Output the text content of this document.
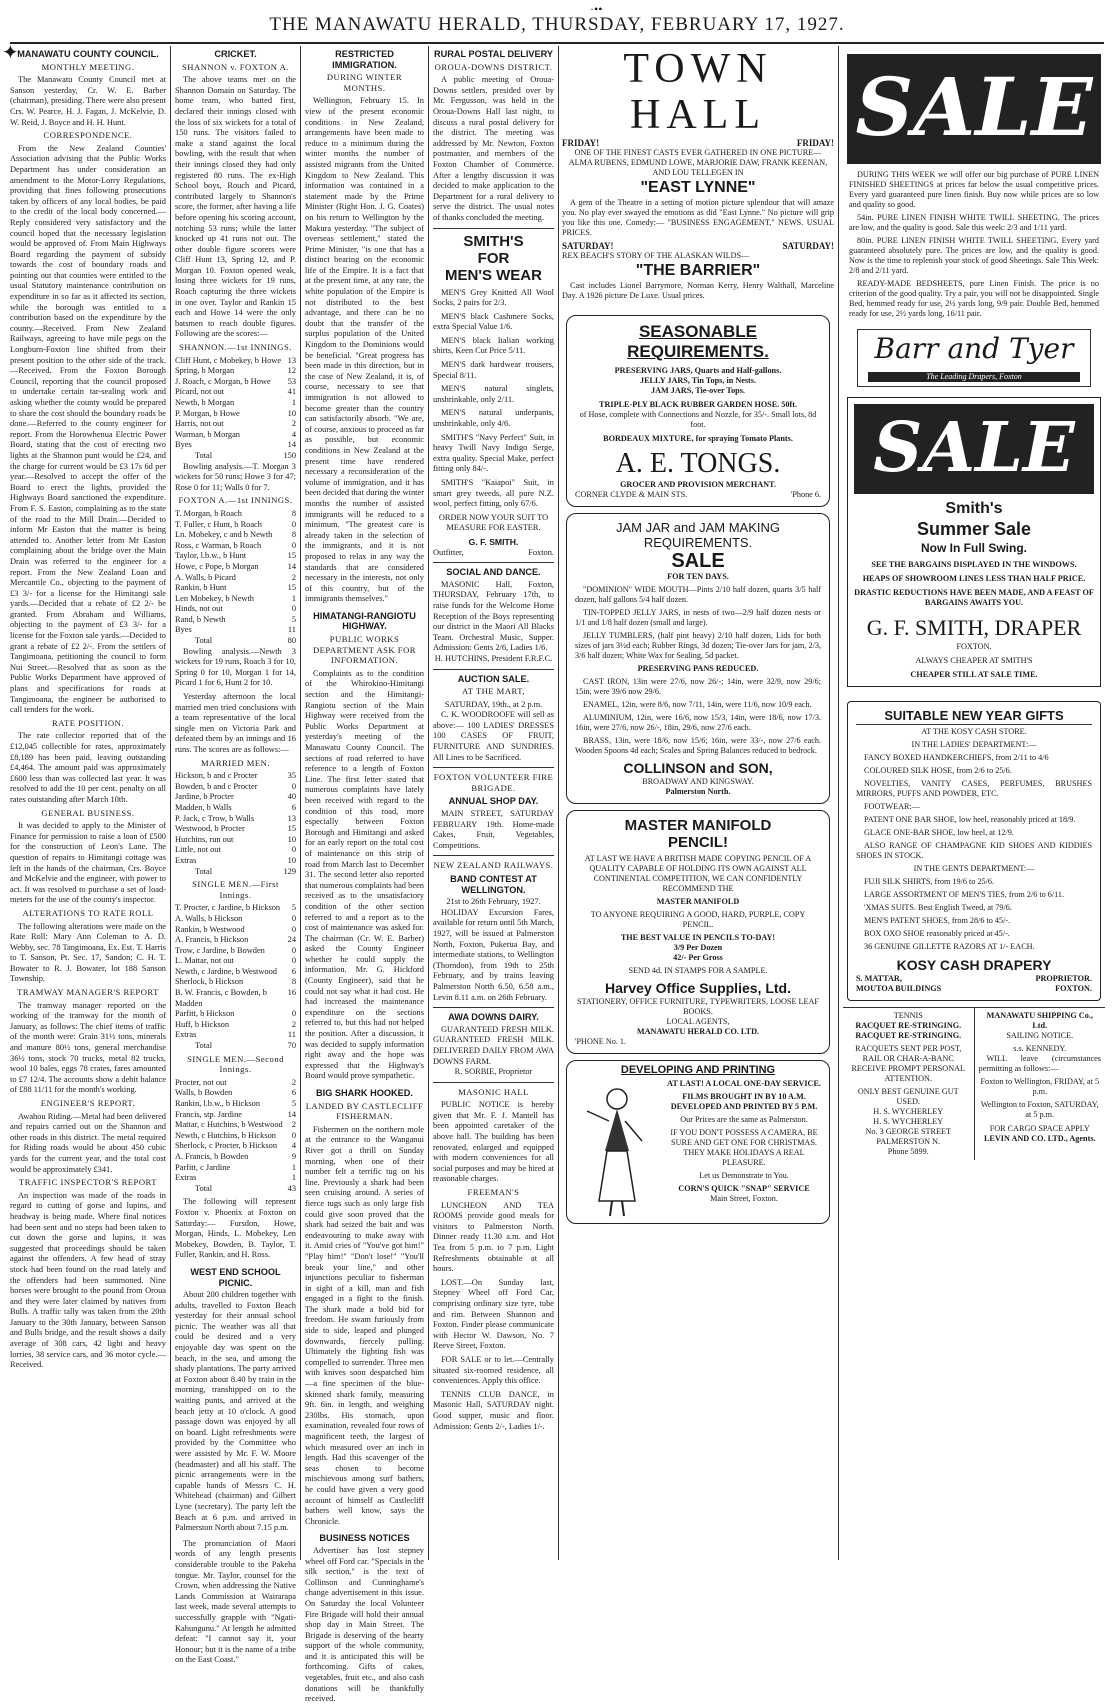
THE MANAWATU HERALD, THURSDAY, FEBRUARY 17, 1927.
·••
✦
MANAWATU COUNTY COUNCIL.
MONTHLY MEETING.

The Manawatu County Council met at Sanson yesterday, Cr. W. E. Barber (chairman), presiding. There were also present Crs. W. Pearce, H. J. Fagan, J. McKelvie, D. W. Reid, J. Boyce and H. H. Hunt.

CORRESPONDENCE.

From the New Zealand Counties' Association advising that the Public Works Department has under consideration an amendment to the Motor-Lorry Regulations, providing that fines following prosecutions taken by officers of any local bodies, be paid to the credit of the local body concerned.—Reply considered very satisfactory and the council hoped that the necessary legislation would be approved of. From Main Highways Board regarding the payment of subsidy towards the cost of boundary roads and pointing out that counties were entitled to the usual Statutory maintenance contribution on expenditure in so far as it affected its section, while the borough was entitled to a contribution based on the expenditure by the county.—Received. From New Zealand Railways, agreeing to have mile pegs on the Longburn-Foxton line shifted from their present position to the other side of the track.—Received. From the Foxton Borough Council, reporting that the council proposed to undertake certain tar-sealing work and asking whether the county would be prepared to share the cost should the boundary roads be done.—Referred to the county engineer for report. From the Horowhenua Electric Power Board, stating that the cost of erecting two lights at the Shannon punt would be £24, and the charge for current would be £3 17s 6d per year.—Resolved to accept the offer of the Board to erect the lights, provided the Highways Board sanctioned the expenditure. From F. S. Easton, complaining as to the state of the road to the Mill Drain.—Decided to inform Mr Easton that the matter is being attended to. Another letter from Mr Easton complaining about the bridge over the Main Drain was referred to the engineer for a report. From the New Zealand Loan and Mercantile Co., objecting to the payment of £3 3/- for a license for the Himitangi sale yards.—Decided that a rebate of £2 2/- be granted. From Abraham and Williams, objecting to the payment of £3 3/- for a license for the Foxton sale yards.—Decided to grant a rebate of £2 2/-. From the settlers of Tangimoana, petitioning the council to form Nui Street.—Resolved that as soon as the Public Works Department have approved of plans and specifications for roads at Tangimoana, the engineer be authorised to call tenders for the work.

RATE POSITION.

The rate collector reported that of the £12,045 collectible for rates, approximately £8,189 has been paid, leaving outstanding £4,464. The amount paid was approximately £600 less than was collected last year. It was resolved to add the 10 per cent. penalty on all rates outstanding after March 10th.

GENERAL BUSINESS.

It was decided to apply to the Minister of Finance for permission to raise a loan of £500 for the construction of Leon's Lane. The question of repairs to Himitangi cottage was left in the hands of the chairman, Crs. Boyce and McKelvie and the engineer, with power to act. It was resolved to purchase a set of load-meters for the use of the county's inspector.

ALTERATIONS TO RATE ROLL

The following alterations were made on the Rate Roll: Mary Ann Coleman to A. D. Webby, sec. 78 Tangimoana, Ex. Est. T. Harris to T. Sanson, Pt. Sec. 17, Sandon; C. H. T. Bowater to R. J. Bowater, lot 188 Sanson Township.

TRAMWAY MANAGER'S REPORT

The tramway manager reported on the working of the tramway for the month of January, as follows: The chief items of traffic of the month were: Grain 31½ tons, minerals and manure 80½ tons, general merchandise 36½ tons, stock 70 trucks, metal 82 trucks, wool 10 bales, eggs 78 crates, fares amounted to £7 12/4. The accounts show a debit balance of £88 11/11 for the month's working.

ENGINEER'S REPORT.

Awahou Riding.—Metal had been delivered and repairs carried out on the Shannon and other roads in this district. The metal required for Riding roads would be about 450 cubic yards for the current year, and the total cost would be approximately £341.

TRAFFIC INSPECTOR'S REPORT

An inspection was made of the roads in regard to cutting of gorse and lupins, and headway is being made. Where final notices had been sent and no steps had been taken to cut down the gorse and lupins, it was suggested that proceedings should be taken against the offenders. A few head of stray stock had been found on the road lately and the offenders had been summoned. Nine horses were brought to the pound from Oroua and they were later claimed by natives from Bulls. A traffic tally was taken from the 20th January to the 30th January, between Sanson and Bulls bridge, and the result shows a daily average of 308 cars, 42 light and heavy lorries, 38 service cars, and 36 motor cycle.—Received.

CRICKET.
SHANNON v. FOXTON A.

The above teams met on the Shannon Domain on Saturday. The home team, who batted first, declared their innings closed with the loss of six wickets for a total of 150 runs. The visitors failed to make a stand against the local bowling, with the result that when their innings closed they had only registered 80 runs. The ex-High School boys, Rouch and Picard, contributed largely to Shannon's score, the former, after having a life before opening his scoring account, notching 53 runs; while the latter knocked up 41 runs not out. The other double figure scorers were Cliff Hunt 13, Spring 12, and P. Morgan 10. Foxton opened weak, losing three wickets for 19 runs, Roach capturing the three wickets in one over. Taylor and Rankin 15 each and Howe 14 were the only batsmen to reach double figures. Following are the scores:—

SHANNON.—1st INNINGS.
Cliff Hunt, c Mobekey, b Howe 13
Spring, b Morgan	12
J. Roach, c Morgan, b Howe 53
Picard, not out	41
Newth, b Morgan	1
P. Morgan, b Howe	10
Harris, not out	2
Warman, b Morgan	4
Byes	14
Total	150

Bowling analysis.—T. Morgan 3 wickets for 50 runs; Howe 3 for 47; Rose 0 for 11; Walls 0 for 7.

FOXTON A.—1st INNINGS.
T. Morgan, b Roach	8
T. Fuller, c Hunt, b Roach	0
Ln. Mobekey, c and b Newth 8
Ross, c Warman, b Roach	0
Taylor, l.b.w., b Hunt	15
Howe, c Pope, b Morgan	14
A. Walls, b Picard	2
Rankin, b Hunt	15
Len Mobekey, b Newth	1
Hinds, not out	0
Rand, b Newth	5
Byes	11
Total	80

Bowling analysis.—Newth 3 wickets for 19 runs, Roach 3 for 10, Spring 0 for 10, Morgan 1 for 14, Picard 1 for 6, Hunt 2 for 10.

Yesterday afternoon the local married men tried conclusions with a team representative of the local single men on Victoria Park and defeated them by an innings and 16 runs. The scores are as follows:—

MARRIED MEN.
Hickson, b and c Procter	35
Bowden, b and c Procter	0
Jardine, b Procter	40
Madden, b Walls	6
P. Jack, c Trow, b Walls	13
Westwood, b Procter	15
Hutchins, run out	10
Little, not out	0
Extras	10
Total	129
SINGLE MEN.—First Innings.
T. Procter, c Jardine, b Hickson 5
A. Walls, b Hickson	0
Rankin, b Westwood	0
A. Francis, b Hickson	24
Trow, c Jardine, b Bowden	0
L. Mattar, not out	0
Newth, c Jardine, b Westwood 6
Sherlock, b Hickson	8
B. W. Francis, c Bowden, b Madden
16
Parfitt, b Hickson	0
Huff, b Hickson	2
Extras	11
Total	70
SINGLE MEN.—Second Innings.
Procter, not out	2
Walls, b Bowden	6
Rankin, l.b.w., b Hickson	5
Francis, stp. Jardine	14
Mattar, c Hutchins, b Westwood 2
Newth, c Hutchins, b Hickson 0
Sherlock, c Procter, b Hickson 4
A. Francis, b Bowden	9
Parfitt, c Jardine	1
Extras	1
Total	43

The following will represent Foxton v. Phoenix at Foxton on Saturday:— Fursdon, Howe, Morgan, Hinds, L. Mobekey, Len Mobekey, Bowden, B. Taylor, T. Fuller, Rankin, and H. Ross.

WEST END SCHOOL PICNIC.

About 200 children together with adults, travelled to Foxton Beach yesterday for their annual school picnic. The weather was all that could be desired and a very enjoyable day was spent on the beach, in the sea, and among the shady plantations. The party arrived at Foxton about 8.40 by train in the morning, transhipped on to the waiting punts, and arrived at the beach jetty at 10 o'clock. A good passage down was enjoyed by all on board. Light refreshments were provided by the Committee who were assisted by Mr. F. W. Moore (headmaster) and all his staff. The picnic arrangements were in the capable hands of Messrs C. H. Whitehead (chairman) and Gilbert Lyne (secretary). The party left the Beach at 6 p.m. and arrived in Palmerston North about 7.15 p.m.

The pronunciation of Maori words of any length presents considerable trouble to the Pakeha tongue. Mr. Taylor, counsel for the Crown, when addressing the Native Lands Commission at Wairarapa last week, made several attempts to successfully grapple with "Ngati-Kahungunu." At length he admitted defeat: "I cannot say it, your Honour; but it is the name of a tribe on the East Coast."

RESTRICTED IMMIGRATION.
DURING WINTER MONTHS.

Wellington, February 15. In view of the present economic conditions in New Zealand, arrangements have been made to reduce to a minimum during the winter months the number of assisted migrants from the United Kingdom to New Zealand. This information was contained in a statement made by the Prime Minister (Right Hon. J. G. Coates) on his return to Wellington by the Makura yesterday. "The subject of overseas settlement," stated the Prime Minister, "is one that has a distinct bearing on the economic life of the Empire. It is a fact that at the present time, at any rate, the white population of the Empire is not distributed to the best advantage, and there can be no doubt that the transfer of the surplus population of the United Kingdom to the Dominions would be beneficial. "Great progress has been made in this direction, but in the case of New Zealand, it is, of course, necessary to see that immigration is not allowed to become greater than the country can satisfactorily absorb. "We are, of course, anxious to proceed as far as possible, but economic conditions in New Zealand at the present time have rendered necessary a reconsideration of the volume of immigration, and it has been decided that during the winter months the number of assisted immigrants will be reduced to a minimum. "The greatest care is already taken in the selection of the immigrants, and it is not proposed to relax in any way the standards that are considered necessary in the interests, not only of this country, but of the immigrants themselves."

HIMATANGI-RANGIOTU HIGHWAY.
PUBLIC WORKS DEPARTMENT ASK FOR INFORMATION.

Complaints as to the condition of the Whirokino-Himitangi section and the Himitangi-Rangiotu section of the Main Highway were received from the Public Works Department at yesterday's meeting of the Manawatu County Council. The sections of road referred to have reference to a length of Foxton Line. The first letter stated that numerous complaints have lately been received with regard to the condition of this road, more especially between Foxton Borough and Himitangi and asked for an early report on the total cost of maintenance on this strip of road from March last to December 31. The second letter also reported that numerous complaints had been received as to the unsatisfactory condition of the other section referred to and a report as to the cost of maintenance was asked for. The chairman (Cr. W. E. Barber) asked the County Engineer whether he could supply the information. Mr. G. Hickford (County Engineer), said that he could not say what it had cost. He had increased the maintenance expenditure on the sections referred to, but this had not helped the position. After a discussion, it was decided to supply information right away and the hope was expressed that the Highway's Board would prove sympathetic.

BIG SHARK HOOKED.
LANDED BY CASTLECLIFF FISHERMAN.

Fishermen on the northern mole at the entrance to the Wanganui River got a thrill on Sunday morning, when one of their number felt a terrific tug on his line. Previously a shark had been seen cruising around. A series of fierce tugs such as only large fish could give soon proved that the shark had seized the bait and was endeavouring to make away with it. Amid cries of "You've got him!" "Play him!" "Don't lose!" "You'll break your line," and other injunctions peculiar to fisherman in sight of a kill, man and fish engaged in a fight to the finish. The shark made a bold bid for freedom. He swam furiously from side to side, leaped and plunged downwards, fiercely pulling. Ultimately the fighting fish was compelled to surrender. Three men with knives soon despatched him—a fine specimen of the blue-skinned shark family, measuring 9ft. 6in. in length, and weighing 230lbs. His stomach, upon examination, revealed four rows of magnificent teeth, the largest of which measured over an inch in length. Had this scavenger of the seas chosen to become mischievous among surf bathers, he could have given a very good account of himself as Castlecliff bathers well know, says the Chronicle.

BUSINESS NOTICES

Advertiser has lost stepney wheel off Ford car. "Specials in the silk section," is the text of Collinson and Cunninghame's change advertisement in this issue. On Saturday the local Volunteer Fire Brigade will hold their annual shop day in Main Street. The Brigade is deserving of the hearty support of the whole community, and it is anticipated this will be forthcoming. Gifts of cakes, vegetables, fruit etc., and also cash donations will be thankfully received.

RURAL POSTAL DELIVERY
OROUA-DOWNS DISTRICT.

A public meeting of Oroua-Downs settlers, presided over by Mr. Fergusson, was held in the Oroua-Downs Hall last night, to discuss a rural postal delivery for the district. The meeting was addressed by Mr. Newton, Foxton postmaster, and members of the Foxton Chamber of Commerce. After a lengthy discussion it was decided to make application to the Department for a rural delivery to serve the district. The usual notes of thanks concluded the meeting.

SMITH'S
FOR
MEN'S WEAR

MEN'S Grey Knitted All Wool Socks, 2 pairs for 2/3.

MEN'S black Cashmere Socks, extra Special Value 1/6.

MEN'S black Italian working shirts, Keen Cut Price 5/11.

MEN'S dark hardwear trousers, Special 8/11.

MEN'S natural singlets, unshrinkable, only 2/11.

MEN'S natural underpants, unshrinkable, only 4/6.

SMITH'S "Navy Perfect" Suit, in heavy Twill Navy Indigo Serge, extra quality. Special Make, perfect fitting only 84/-.

SMITH'S "Kaiapoi" Suit, in smart grey tweeds, all pure N.Z. wool, perfect fitting, only 67/6.

ORDER NOW YOUR SUIT TO MEASURE FOR EASTER.
G. F. SMITH.
Outfitter,	Foxton.
SOCIAL AND DANCE.

MASONIC Hall, Foxton, THURSDAY, February 17th, to raise funds for the Welcome Home Reception of the Boys representing our district in the Maori All Blacks Team. Orchestral Music, Supper. Admission: Gents 2/6, Ladies 1/6.

H. HUTCHINS, President F.R.F.C.
AUCTION SALE.
AT THE MART,
SATURDAY, 19th., at 2 p.m.

C. K. WOODROOFE will sell as above:— 100 LADIES' DRESSES 100 CASES OF FRUIT, FURNITURE AND SUNDRIES. All Lines to be Sacrificed.

FOXTON VOLUNTEER FIRE BRIGADE.
ANNUAL SHOP DAY.

MAIN STREET, SATURDAY FEBRUARY 19th. Home-made Cakes, Fruit, Vegetables, Competitions.

NEW ZEALAND RAILWAYS.
BAND CONTEST AT WELLINGTON.
21st to 26th February, 1927.

HOLIDAY Excursion Fares, available for return until 5th March, 1927, will be issued at Palmerston North, Foxton, Pukerua Bay, and intermediate stations, to Wellington (Thorndon), from 19th to 25th February, and by trains leaving Palmerston North 6.50, 6.58 a.m., Levin 8.11 a.m. on 26th February.

AWA DOWNS DAIRY.

GUARANTEED FRESH MILK. GUARANTEED FRESH MILK. DELIVERED DAILY FROM AWA DOWNS FARM.

R. SORBIE, Proprietor
MASONIC HALL

PUBLIC NOTICE is hereby given that Mr. F. J. Mantell has been appointed caretaker of the above hall. The building has been renovated, enlarged and equipped with modern conveniences for all social purposes and may be hired at reasonable charges.

FREEMAN'S

LUNCHEON AND TEA ROOMS provide good meals for visitors to Palmerston North. Dinner ready 11.30 a.m. and Hot Tea from 5 p.m. to 7 p.m. Light Refreshments obtainable at all hours.

LOST.—On Sunday last, Stepney Wheel off Ford Car, comprising ordinary size tyre, tube and rim. Between Shannon and Foxton. Finder please communicate with Hector W. Dawson, No. 7 Reeve Street, Foxton.

FOR SALE or to let.—Centrally situated six-roomed residence, all conveniences. Apply this office.

TENNIS CLUB DANCE, in Masonic Hall, SATURDAY night. Good supper, music and floor. Admission: Gents 2/-, Ladies 1/-.

TOWN HALL
FRIDAY!	FRIDAY!
ONE OF THE FINEST CASTS EVER GATHERED IN ONE PICTURE—
ALMA RUBENS, EDMUND LOWE, MARJORIE DAW, FRANK KEENAN, AND LOU TELLEGEN IN
"EAST LYNNE"

A gem of the Theatre in a setting of motion picture splendour that will amaze you. No play ever swayed the emotions as did "East Lynne." No picture will grip you like this one. Comedy:— "BUSINESS ENGAGEMENT," NEWS. USUAL PRICES.

SATURDAY!	SATURDAY!
REX BEACH'S STORY OF THE ALASKAN WILDS—
"THE BARRIER"

Cast includes Lionel Barrymore, Norman Kerry, Henry Walthall, Marceline Day. A 1926 picture De Luxe. Usual prices.

SEASONABLE
REQUIREMENTS.
PRESERVING JARS, Quarts and Half-gallons.
JELLY JARS, Tin Tops, in Nests.
JAM JARS, Tie-over Tops.
TRIPLE-PLY BLACK RUBBER GARDEN HOSE. 50ft.
of Hose, complete with Connections and Nozzle, for 35/-. Small lots, 8d foot.
BORDEAUX MIXTURE, for spraying Tomato Plants.
A. E. TONGS.
GROCER AND PROVISION MERCHANT.
CORNER CLYDE & MAIN STS.	'Phone 6.
JAM JAR and JAM MAKING
REQUIREMENTS.
SALE
FOR TEN DAYS.

"DOMINION" WIDE MOUTH—Pints 2/10 half dozen, quarts 3/5 half dozen, half gallons 5/4 half dozen.

TIN-TOPPED JELLY JARS, in nests of two—2/9 half dozen nests or 1/1 and 1/8 half dozen (small and large).

JELLY TUMBLERS, (half pint heavy) 2/10 half dozen, Lids for both sizes of jars 3½d each; Rubber Rings, 3d dozen; Tie-over Jars for jam, 2/3, 3/6 half dozen; White Wax for Sealing, 5d packet.

PRESERVING PANS REDUCED.

CAST IRON, 13in were 27/6, now 26/-; 14in, were 32/9, now 29/6; 15in, were 39/6 now 29/6.

ENAMEL, 12in, were 8/6, now 7/11, 14in, were 11/6, now 10/9 each.

ALUMINIUM, 12in, were 16/6, now 15/3, 14in, were 18/6, now 17/3. 16in, were 27/6, now 26/-, 18in, 29/6, now 27/6 each.

BRASS, 13in, were 18/6, now 15/6; 16in, were 33/-, now 27/6 each. Wooden Spoons 4d each; Scales and Spring Balances reduced to bedrock.

COLLINSON and SON,
BROADWAY AND KINGSWAY.
Palmerston North.
MASTER MANIFOLD
PENCIL!
AT LAST WE HAVE A BRITISH MADE COPYING PENCIL OF A QUALITY CAPABLE OF HOLDING ITS OWN AGAINST ALL CONTINENTAL COMPETITION, WE CAN CONFIDENTLY RECOMMEND THE
MASTER MANIFOLD
TO ANYONE REQUIRING A GOOD, HARD, PURPLE, COPY PENCIL.
THE BEST VALUE IN PENCILS TO-DAY!
3/9 Per Dozen
42/- Per Gross
SEND 4d. IN STAMPS FOR A SAMPLE.
Harvey Office Supplies, Ltd.
STATIONERY, OFFICE FURNITURE, TYPEWRITERS, LOOSE LEAF BOOKS.
LOCAL AGENTS,
MANAWATU HERALD CO. LTD.
'PHONE No. 1.
DEVELOPING AND PRINTING
AT LAST! A LOCAL ONE-DAY SERVICE.
FILMS BROUGHT IN BY 10 A.M. DEVELOPED AND PRINTED BY 5 P.M.
Our Prices are the same as Palmerston.
IF YOU DON'T POSSESS A CAMERA, BE SURE AND GET ONE FOR CHRISTMAS. THEY MAKE HOLIDAYS A REAL PLEASURE.
Let us Demonstrate to You.
CORN'S QUICK "SNAP" SERVICE
Main Street, Foxton.
SALE

DURING THIS WEEK we will offer our big purchase of PURE LINEN FINISHED SHEETINGS at prices far below the usual competitive prices. Every yard guaranteed pure linen finish. Buy now while prices are so low and quality so good.

54in. PURE LINEN FINISH WHITE TWILL SHEETING. The prices are low, and the quality is good. Sale this week: 2/3 and 1/11 yard.

80in. PURE LINEN FINISH WHITE TWILL SHEETING. Every yard guaranteed absolutely pure. The prices are low, and the quality is good. Now is the time to replenish your stock of good Sheetings. Sale This Week: 2/8 and 2/11 yard.

READY-MADE BEDSHEETS, pure Linen Finish. The price is no criterion of the good quality. Try a pair, you will not be disappointed. Single Bed, hemmed ready for use, 2½ yards long, 9/9 pair. Double Bed, hemmed ready for use, 2½ yards long, 16/11 pair.

Barr and Tyer
The Leading Drapers, Foxton
SALE
Smith's
Summer Sale
Now In Full Swing.
SEE THE BARGAINS DISPLAYED IN THE WINDOWS.
HEAPS OF SHOWROOM LINES LESS THAN HALF PRICE.
DRASTIC REDUCTIONS HAVE BEEN MADE, AND A FEAST OF BARGAINS AWAITS YOU.
G. F. SMITH, DRAPER
FOXTON.
ALWAYS CHEAPER AT SMITH'S
CHEAPER STILL AT SALE TIME.
SUITABLE NEW YEAR GIFTS
AT THE KOSY CASH STORE.
IN THE LADIES' DEPARTMENT:—

FANCY BOXED HANDKERCHIEFS, from 2/11 to 4/6

COLOURED SILK HOSE, from 2/6 to 25/6.

NOVELTIES, VANITY CASES, PERFUMES, BRUSHES MIRRORS, PUFFS AND POWDER, ETC.

FOOTWEAR:—

PATENT ONE BAR SHOE, low heel, reasonably priced at 18/9.

GLACE ONE-BAR SHOE, low heel, at 12/9.

ALSO RANGE OF CHAMPAGNE KID SHOES AND KIDDIES SHOES IN STOCK.

IN THE GENTS DEPARTMENT:—

FUJI SILK SHIRTS, from 19/6 to 25/6.

LARGE ASSORTMENT OF MEN'S TIES, from 2/6 to 6/11.

'XMAS SUITS. Best English Tweed, at 79/6.

MEN'S PATENT SHOES, from 28/6 to 45/-.

BOX OXO SHOE reasonably priced at 45/-.

36 GENUINE GILLETTE RAZORS AT 1/- EACH.

KOSY CASH DRAPERY
S. MATTAR,	PROPRIETOR.
MOUTOA BUILDINGS	FOXTON.
TENNIS
RACQUET RE-STRINGING.
RACQUET RE-STRINGING.
RACQUETS SENT PER POST, RAIL OR CHAR-A-BANC RECEIVE PROMPT PERSONAL ATTENTION.
ONLY BEST GENUINE GUT USED.
H. S. WYCHERLEY
H. S. WYCHERLEY
No. 3 GEORGE STREET
PALMERSTON N.
Phone 5899.
MANAWATU SHIPPING Co., Ltd.
SAILING NOTICE.
s.s. KENNEDY.

WILL leave (circumstances permitting as follows:—

Foxton to Wellington, FRIDAY, at 5 p.m.
Wellington to Foxton, SATURDAY, at 5 p.m.
FOR CARGO SPACE APPLY
LEVIN AND CO. LTD., Agents.
